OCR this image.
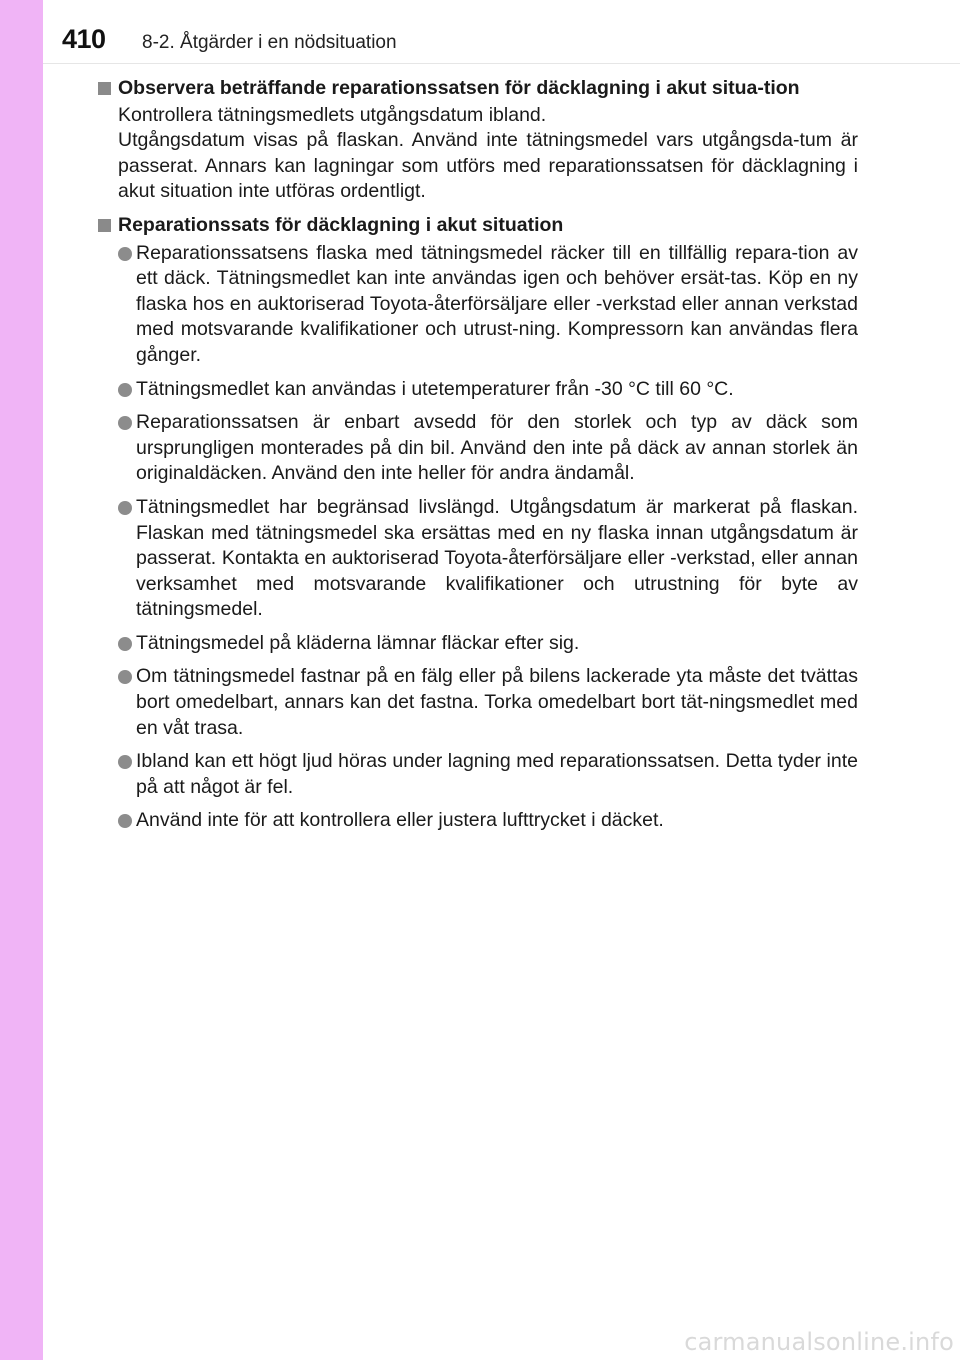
410 8-2. Åtgärder i en nödsituation
Observera beträffande reparationssatsen för däcklagning i akut situa-tion

Kontrollera tätningsmedlets utgångsdatum ibland.

Utgångsdatum visas på flaskan. Använd inte tätningsmedel vars utgångsda-tum är passerat. Annars kan lagningar som utförs med reparationssatsen för däcklagning i akut situation inte utföras ordentligt.

Reparationssats för däcklagning i akut situation
Reparationssatsens flaska med tätningsmedel räcker till en tillfällig repara-tion av ett däck. Tätningsmedlet kan inte användas igen och behöver ersät-tas. Köp en ny flaska hos en auktoriserad Toyota-återförsäljare eller -verkstad eller annan verkstad med motsvarande kvalifikationer och utrust-ning. Kompressorn kan användas flera gånger.
Tätningsmedlet kan användas i utetemperaturer från -30 °C till 60 °C.
Reparationssatsen är enbart avsedd för den storlek och typ av däck som ursprungligen monterades på din bil. Använd den inte på däck av annan storlek än originaldäcken. Använd den inte heller för andra ändamål.
Tätningsmedlet har begränsad livslängd. Utgångsdatum är markerat på flaskan. Flaskan med tätningsmedel ska ersättas med en ny flaska innan utgångsdatum är passerat. Kontakta en auktoriserad Toyota-återförsäljare eller -verkstad, eller annan verksamhet med motsvarande kvalifikationer och utrustning för byte av tätningsmedel.
Tätningsmedel på kläderna lämnar fläckar efter sig.
Om tätningsmedel fastnar på en fälg eller på bilens lackerade yta måste det tvättas bort omedelbart, annars kan det fastna. Torka omedelbart bort tät-ningsmedlet med en våt trasa.
Ibland kan ett högt ljud höras under lagning med reparationssatsen. Detta tyder inte på att något är fel.
Använd inte för att kontrollera eller justera lufttrycket i däcket.
carmanualsonline.info
